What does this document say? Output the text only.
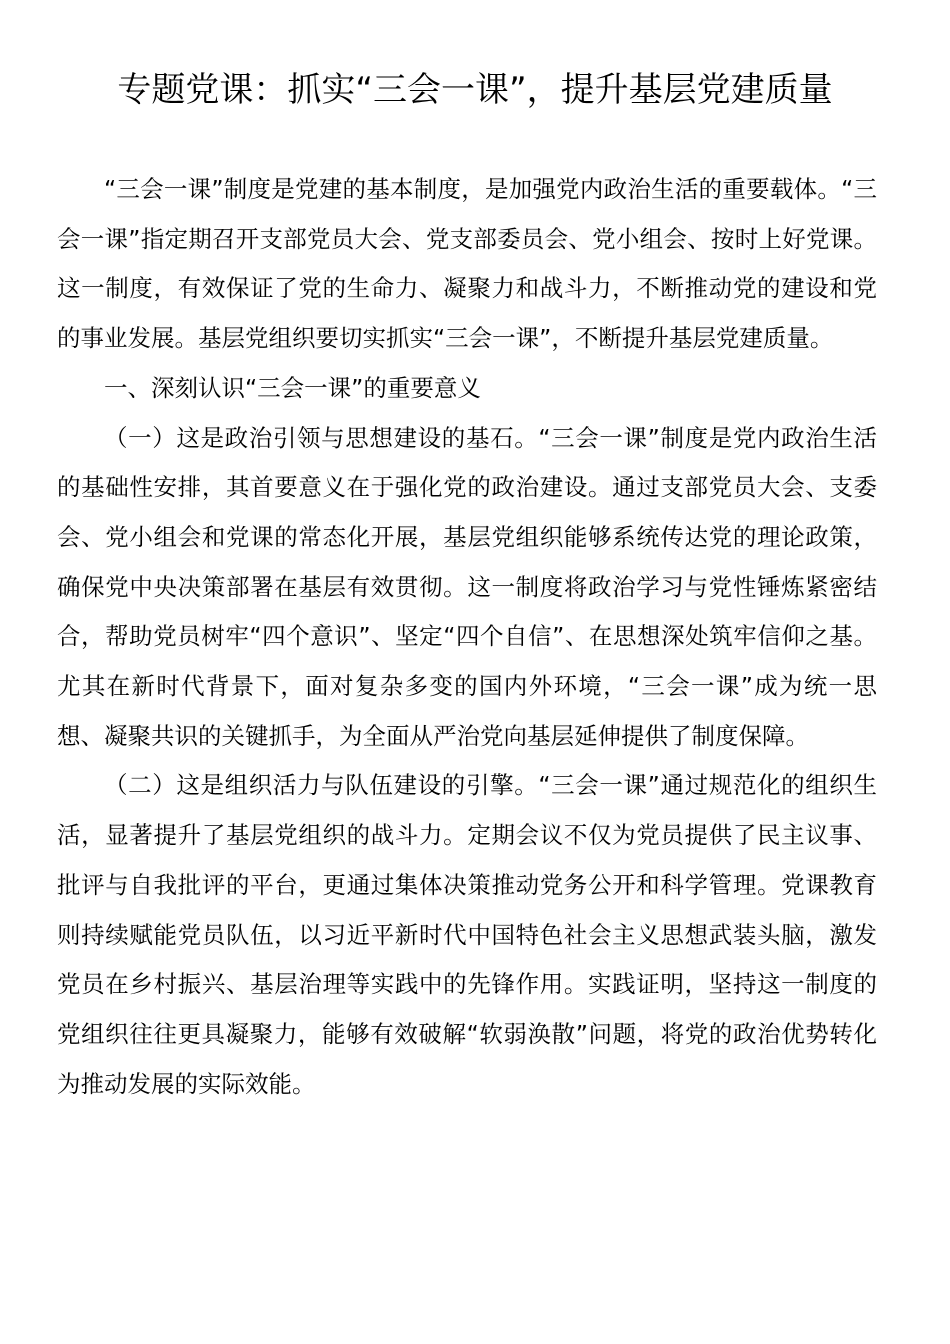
专题党课：抓实“三会一课”，提升基层党建质量

“三会一课”制度是党建的基本制度，是加强党内政治生活的重要载体。“三会一课”指定期召开支部党员大会、党支部委员会、党小组会、按时上好党课。这一制度，有效保证了党的生命力、凝聚力和战斗力，不断推动党的建设和党的事业发展。基层党组织要切实抓实“三会一课”，不断提升基层党建质量。

一、深刻认识“三会一课”的重要意义

（一）这是政治引领与思想建设的基石。“三会一课”制度是党内政治生活的基础性安排，其首要意义在于强化党的政治建设。通过支部党员大会、支委会、党小组会和党课的常态化开展，基层党组织能够系统传达党的理论政策，确保党中央决策部署在基层有效贯彻。这一制度将政治学习与党性锤炼紧密结合，帮助党员树牢“四个意识”、坚定“四个自信”、在思想深处筑牢信仰之基。尤其在新时代背景下，面对复杂多变的国内外环境，“三会一课”成为统一思想、凝聚共识的关键抓手，为全面从严治党向基层延伸提供了制度保障。

（二）这是组织活力与队伍建设的引擎。“三会一课”通过规范化的组织生活，显著提升了基层党组织的战斗力。定期会议不仅为党员提供了民主议事、批评与自我批评的平台，更通过集体决策推动党务公开和科学管理。党课教育则持续赋能党员队伍，以习近平新时代中国特色社会主义思想武装头脑，激发党员在乡村振兴、基层治理等实践中的先锋作用。实践证明，坚持这一制度的党组织往往更具凝聚力，能够有效破解“软弱涣散”问题，将党的政治优势转化为推动发展的实际效能。
